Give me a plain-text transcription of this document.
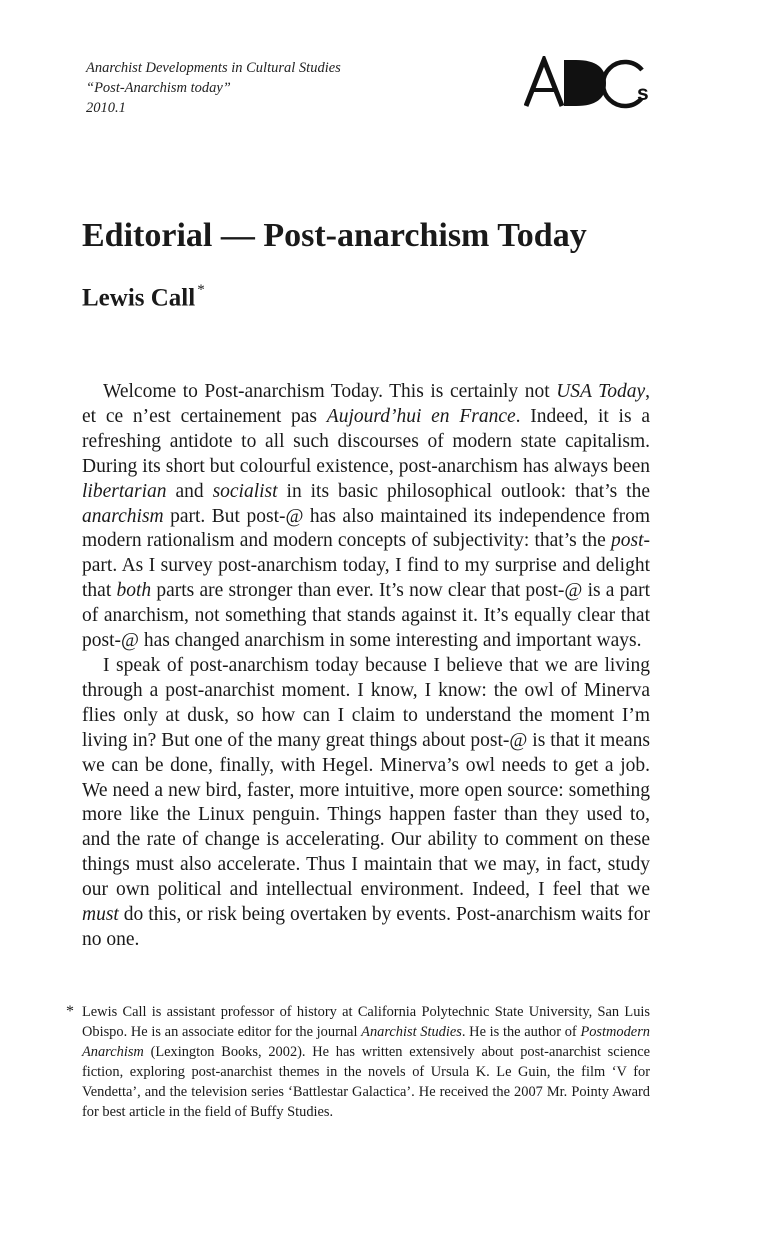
Anarchist Developments in Cultural Studies
“Post-Anarchism today”
2010.1
s
Editorial — Post-anarchism Today
Lewis Call *

Welcome to Post-anarchism Today. This is certainly not USA Today, et ce n’est certainement pas Aujourd’hui en France. Indeed, it is a refreshing antidote to all such discourses of modern state capitalism. During its short but colourful existence, post-anarchism has always been libertarian and socialist in its basic philosophical outlook: that’s the anarchism part. But post-@ has also maintained its independence from modern rationalism and modern concepts of subjectivity: that’s the post- part. As I survey post-anarchism today, I find to my surprise and delight that both parts are stronger than ever. It’s now clear that post-@ is a part of anarchism, not something that stands against it. It’s equally clear that post-@ has changed anarchism in some interesting and important ways.

I speak of post-anarchism today because I believe that we are living through a post-anarchist moment. I know, I know: the owl of Minerva flies only at dusk, so how can I claim to understand the moment I’m living in? But one of the many great things about post-@ is that it means we can be done, finally, with Hegel. Minerva’s owl needs to get a job. We need a new bird, faster, more intuitive, more open source: something more like the Linux penguin. Things happen faster than they used to, and the rate of change is accelerating. Our ability to comment on these things must also accelerate. Thus I maintain that we may, in fact, study our own political and intellectual environment. Indeed, I feel that we must do this, or risk being overtaken by events. Post-anarchism waits for no one.

* Lewis Call is assistant professor of history at California Polytechnic State University, San Luis Obispo. He is an associate editor for the journal Anarchist Studies. He is the author of Postmodern Anarchism (Lexington Books, 2002). He has written extensively about post-anarchist science fiction, exploring post-anarchist themes in the novels of Ursula K. Le Guin, the film ‘V for Vendetta’, and the television series ‘Battlestar Galactica’. He received the 2007 Mr. Pointy Award for best article in the field of Buffy Studies.
